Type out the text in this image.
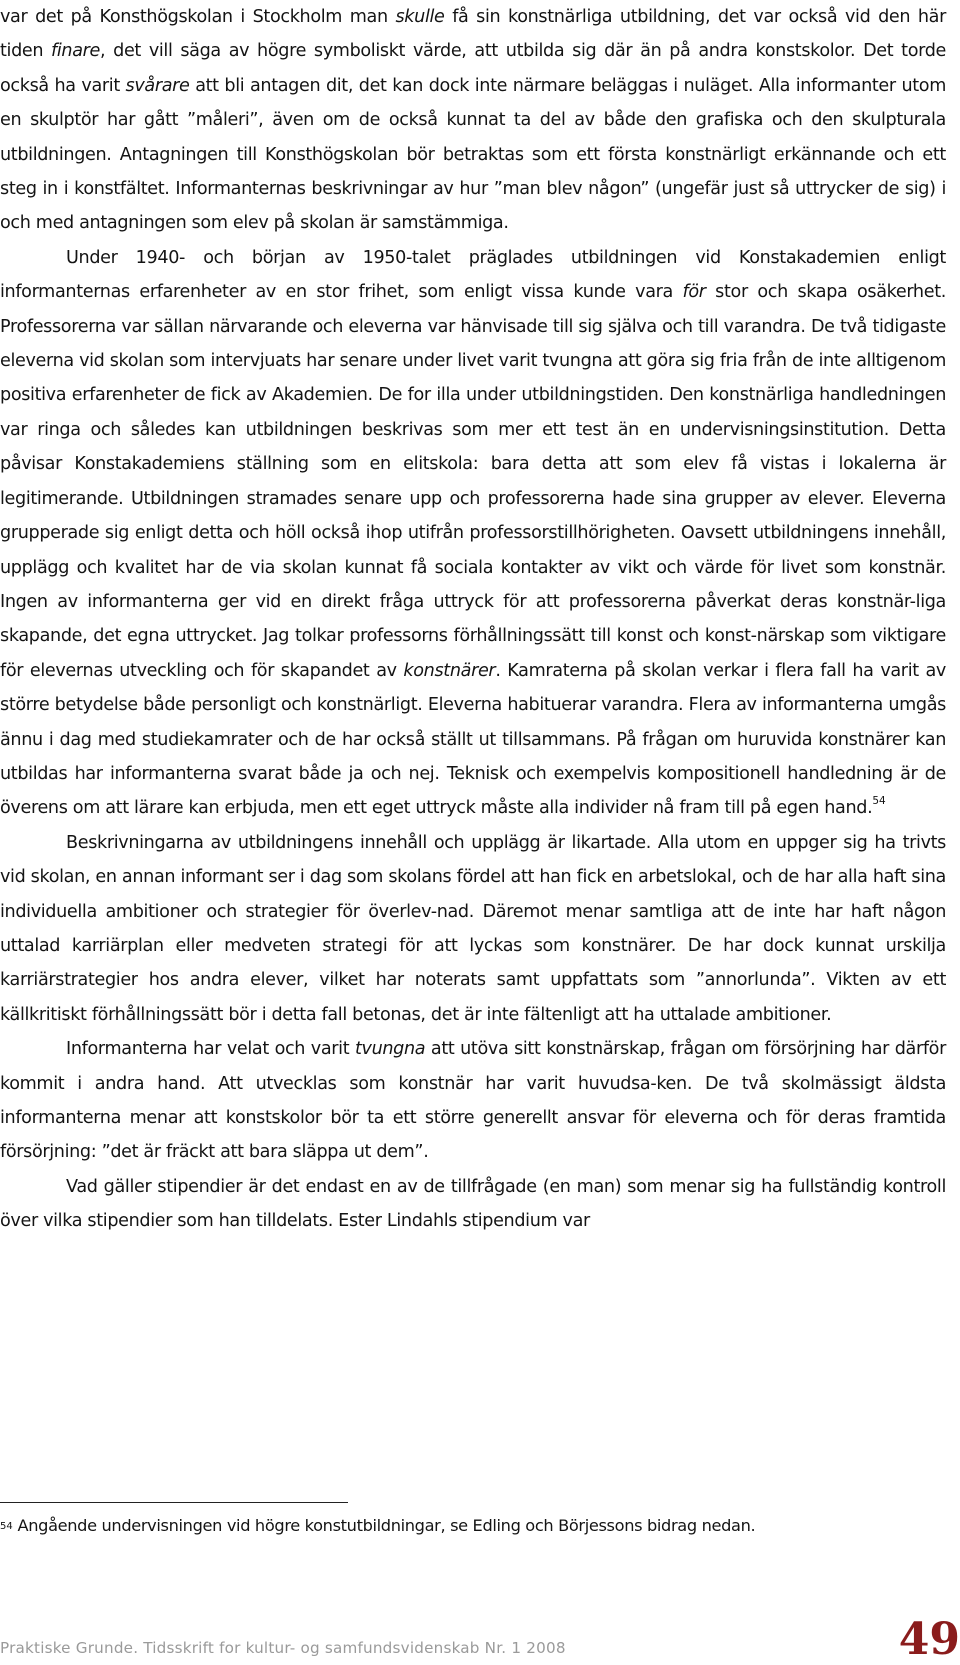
var det på Konsthögskolan i Stockholm man skulle få sin konstnärliga utbildning, det var också vid den här tiden finare, det vill säga av högre symboliskt värde, att utbilda sig där än på andra konstskolor. Det torde också ha varit svårare att bli antagen dit, det kan dock inte närmare beläggas i nuläget. Alla informanter utom en skulptör har gått ”måleri”, även om de också kunnat ta del av både den grafiska och den skulpturala utbildningen. Antagningen till Konsthögskolan bör betraktas som ett första konstnärligt erkännande och ett steg in i konstfältet. Informanternas beskrivningar av hur ”man blev någon” (ungefär just så uttrycker de sig) i och med antagningen som elev på skolan är samstämmiga.

Under 1940- och början av 1950-talet präglades utbildningen vid Konstakademien enligt informanternas erfarenheter av en stor frihet, som enligt vissa kunde vara för stor och skapa osäkerhet. Professorerna var sällan närvarande och eleverna var hänvisade till sig själva och till varandra. De två tidigaste eleverna vid skolan som intervjuats har senare under livet varit tvungna att göra sig fria från de inte alltigenom positiva erfarenheter de fick av Akademien. De for illa under utbildningstiden. Den konstnärliga handledningen var ringa och således kan utbildningen beskrivas som mer ett test än en undervisningsinstitution. Detta påvisar Konstakademiens ställning som en elitskola: bara detta att som elev få vistas i lokalerna är legitimerande. Utbildningen stramades senare upp och professorerna hade sina grupper av elever. Eleverna grupperade sig enligt detta och höll också ihop utifrån professorstillhörigheten. Oavsett utbildningens innehåll, upplägg och kvalitet har de via skolan kunnat få sociala kontakter av vikt och värde för livet som konstnär. Ingen av informanterna ger vid en direkt fråga uttryck för att professorerna påverkat deras konstnär-liga skapande, det egna uttrycket. Jag tolkar professorns förhållningssätt till konst och konst-närskap som viktigare för elevernas utveckling och för skapandet av konstnärer. Kamraterna på skolan verkar i flera fall ha varit av större betydelse både personligt och konstnärligt. Eleverna habituerar varandra. Flera av informanterna umgås ännu i dag med studiekamrater och de har också ställt ut tillsammans. På frågan om huruvida konstnärer kan utbildas har informanterna svarat både ja och nej. Teknisk och exempelvis kompositionell handledning är de överens om att lärare kan erbjuda, men ett eget uttryck måste alla individer nå fram till på egen hand.$^{54}$

Beskrivningarna av utbildningens innehåll och upplägg är likartade. Alla utom en uppger sig ha trivts vid skolan, en annan informant ser i dag som skolans fördel att han fick en arbetslokal, och de har alla haft sina individuella ambitioner och strategier för överlev-nad. Däremot menar samtliga att de inte har haft någon uttalad karriärplan eller medveten strategi för att lyckas som konstnärer. De har dock kunnat urskilja karriärstrategier hos andra elever, vilket har noterats samt uppfattats som ”annorlunda”. Vikten av ett källkritiskt förhållningssätt bör i detta fall betonas, det är inte fältenligt att ha uttalade ambitioner.

Informanterna har velat och varit tvungna att utöva sitt konstnärskap, frågan om försörjning har därför kommit i andra hand. Att utvecklas som konstnär har varit huvudsa-ken. De två skolmässigt äldsta informanterna menar att konstskolor bör ta ett större generellt ansvar för eleverna och för deras framtida försörjning: ”det är fräckt att bara släppa ut dem”.

Vad gäller stipendier är det endast en av de tillfrågade (en man) som menar sig ha fullständig kontroll över vilka stipendier som han tilldelats. Ester Lindahls stipendium var

$^{54}$ Angående undervisningen vid högre konstutbildningar, se Edling och Börjessons bidrag nedan.
Praktiske Grunde. Tidsskrift for kultur- og samfundsvidenskab Nr. 1 2008	49
